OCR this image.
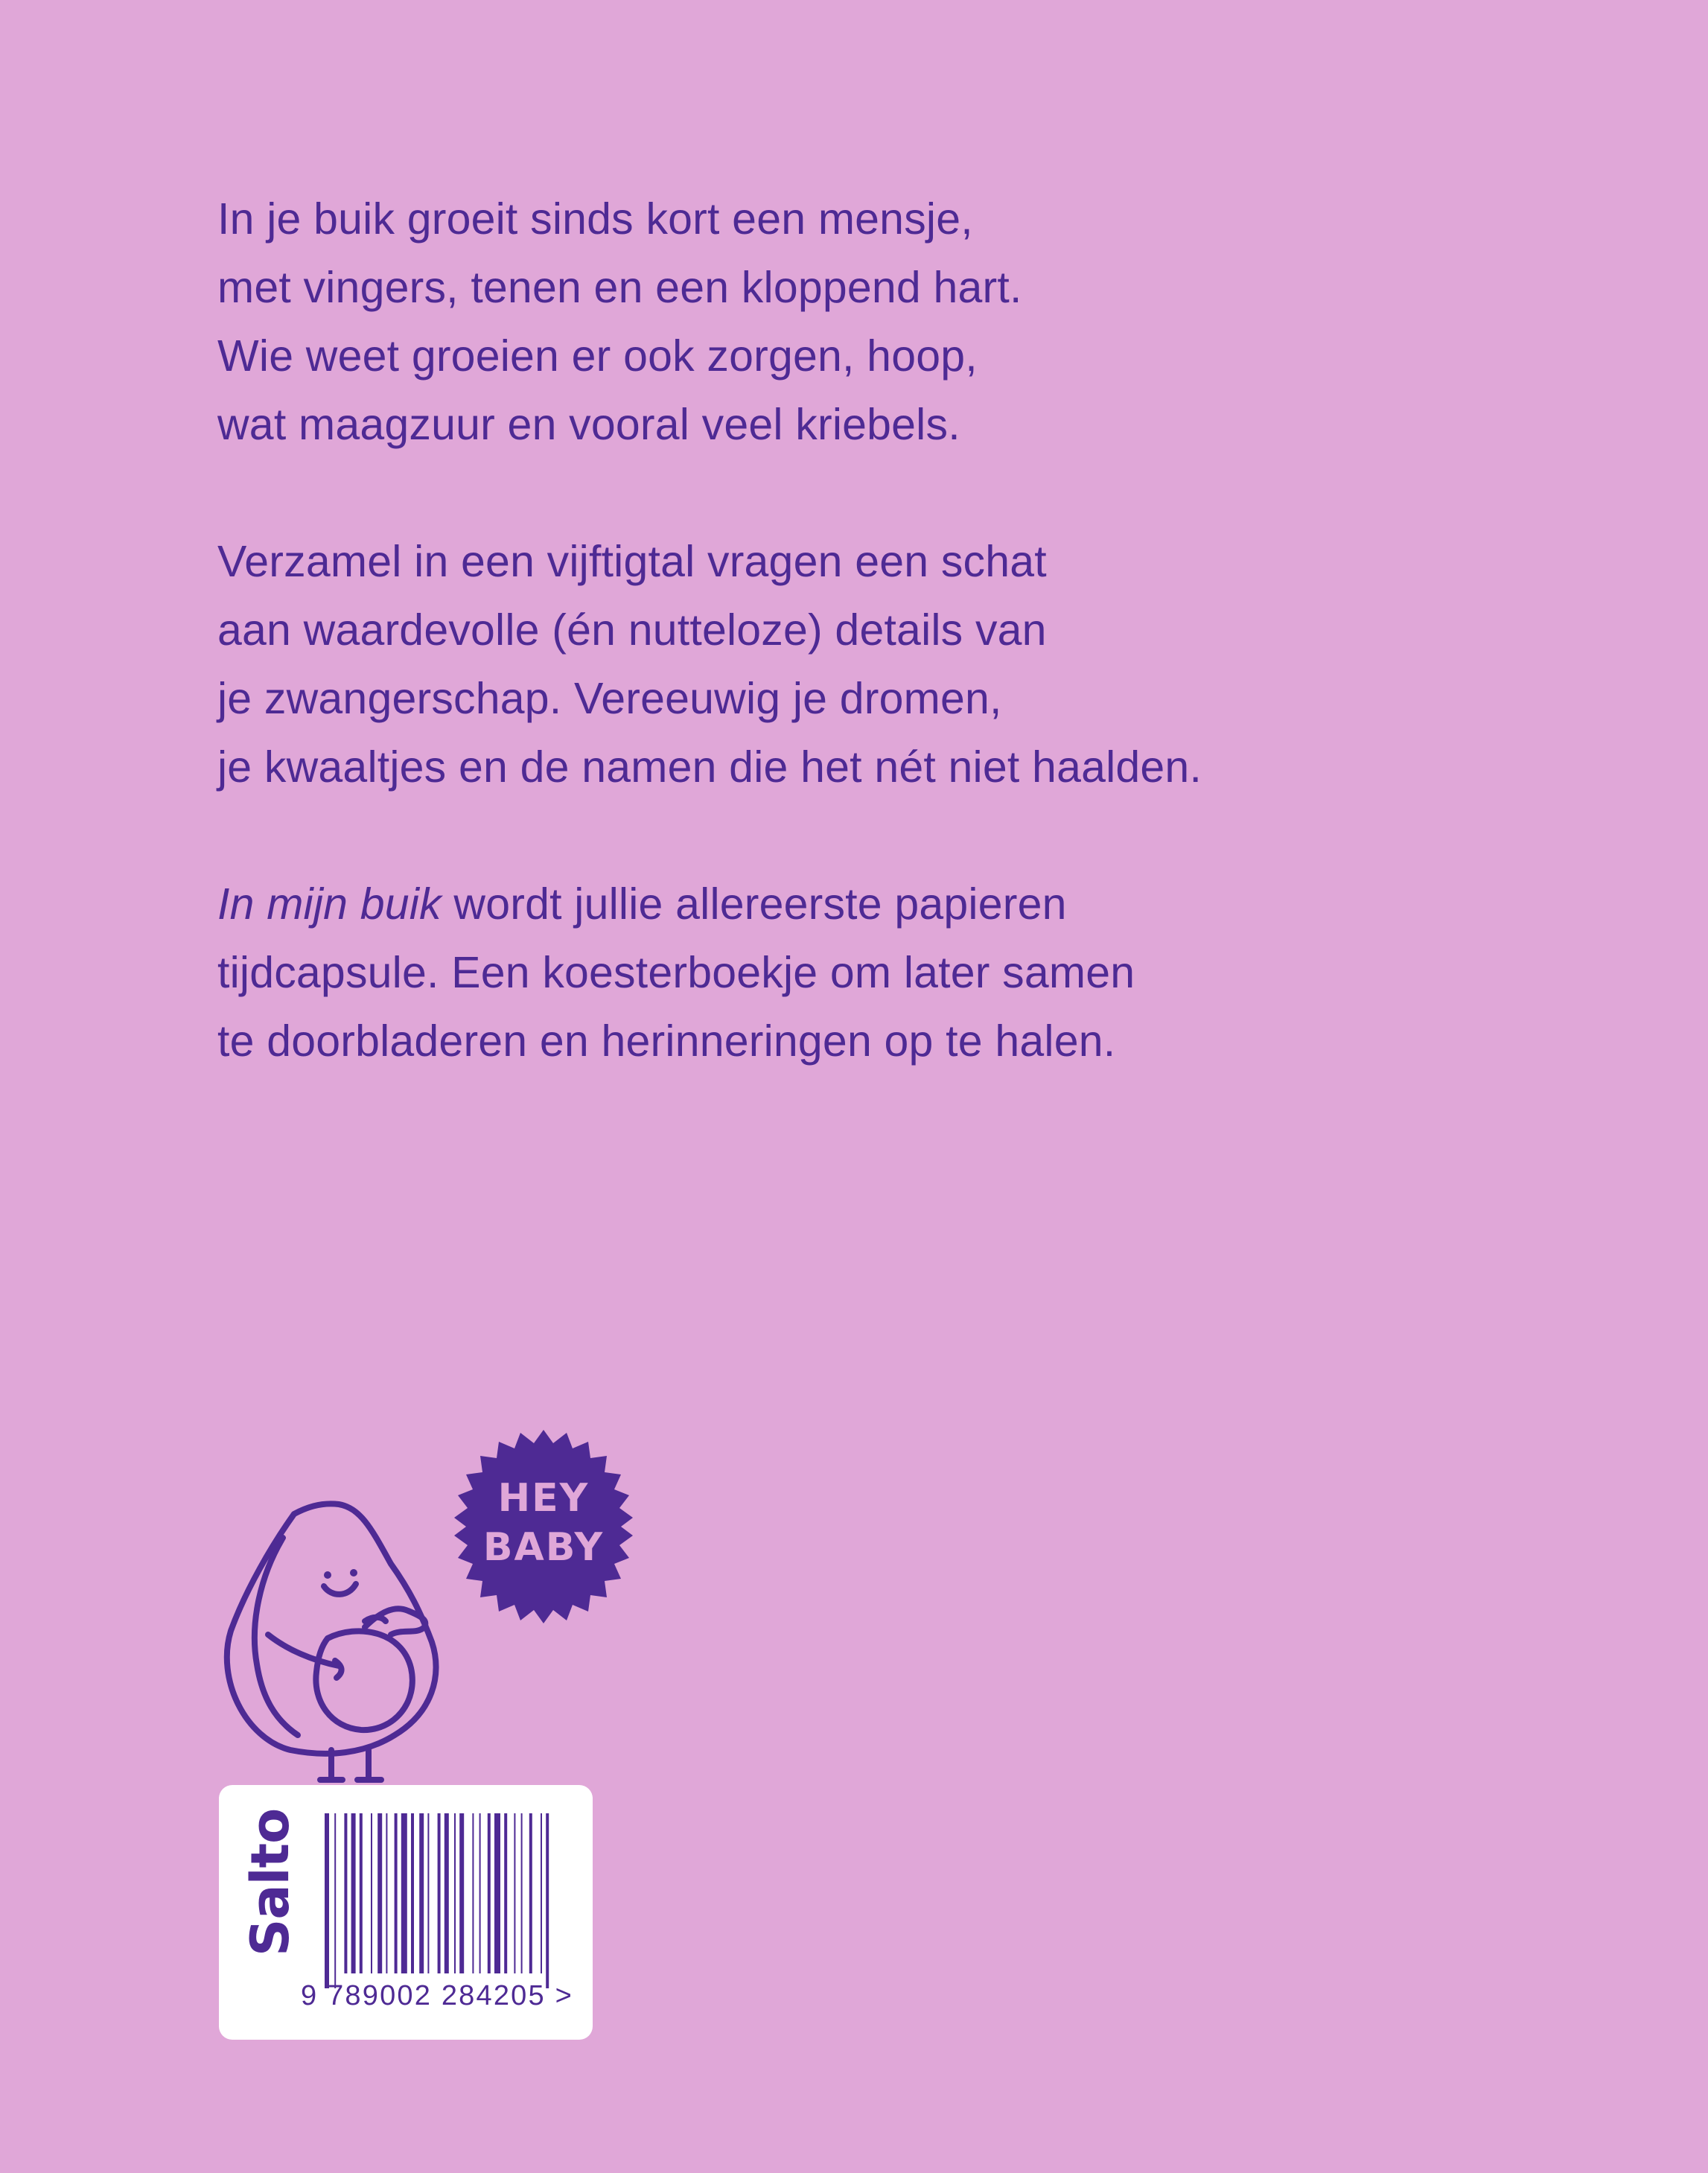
In je buik groeit sinds kort een mensje,
met vingers, tenen en een kloppend hart.
Wie weet groeien er ook zorgen, hoop,
wat maagzuur en vooral veel kriebels.

Verzamel in een vijftigtal vragen een schat
aan waardevolle (én nutteloze) details van
je zwangerschap. Vereeuwig je dromen,
je kwaaltjes en de namen die het nét niet haalden.

In mijn buik wordt jullie allereerste papieren
tijdcapsule. Een koesterboekje om later samen
te doorbladeren en herinneringen op te halen.

HEY
BABY
Salto
9 789002 284205 >
